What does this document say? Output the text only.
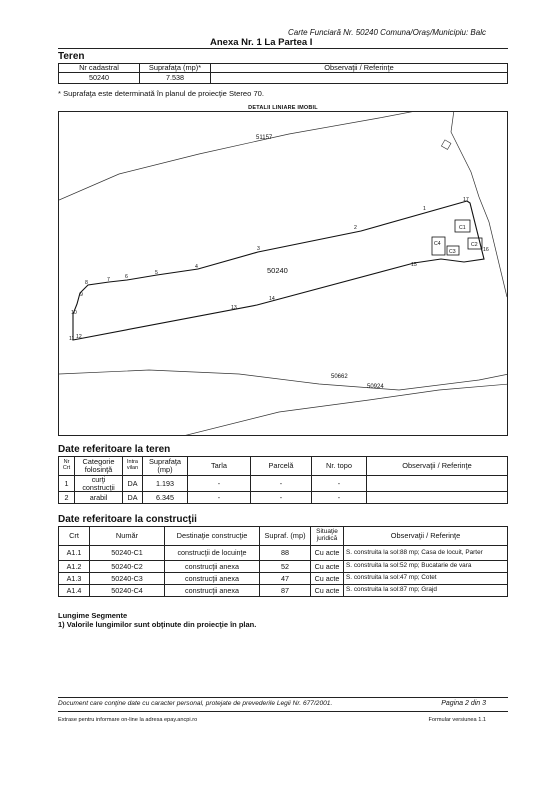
Carte Funciară Nr. 50240 Comuna/Oraş/Municipiu: Balc
Anexa Nr. 1 La Partea I
Teren
Nr cadastral	Suprafaţa (mp)*	Observaţii / Referinţe
50240	7.538	
* Suprafaţa este determinată în planul de proiecţie Stereo 70.
DETALII LINIARE IMOBIL
C1
C2
C3
C4
1
2
3
4
5
6
7
8
9
10
11 12
13
14
15
16
17
51157
50240
50662
50924
Date referitoare la teren
Nr Crt	Categorie folosinţă	Intra vilan	Suprafaţa (mp)	Tarla	Parcelă	Nr. topo	Observaţii / Referinţe
1	curţi construcţii	DA	1.193	-	-	-	
2	arabil	DA	6.345	-	-	-	
Date referitoare la construcţii
Crt	Număr	Destinaţie construcţie	Supraf. (mp)	Situaţie juridică	Observaţii / Referinţe
A1.1	50240-C1	construcţii de locuinţe	88	Cu acte	S. construita la sol:88 mp; Casa de locuit, Parter
A1.2	50240-C2	construcţii anexa	52	Cu acte	S. construita la sol:52 mp; Bucatarie de vara
A1.3	50240-C3	construcţii anexa	47	Cu acte	S. construita la sol:47 mp; Cotet
A1.4	50240-C4	construcţii anexa	87	Cu acte	S. construita la sol:87 mp; Grajd
Lungime Segmente
1) Valorile lungimilor sunt obţinute din proiecţie în plan.
Document care conţine date cu caracter personal, protejate de prevederile Legii Nr. 677/2001.	Pagina 2 din 3
Extrase pentru informare on-line la adresa epay.ancpi.ro	Formular versiunea 1.1
